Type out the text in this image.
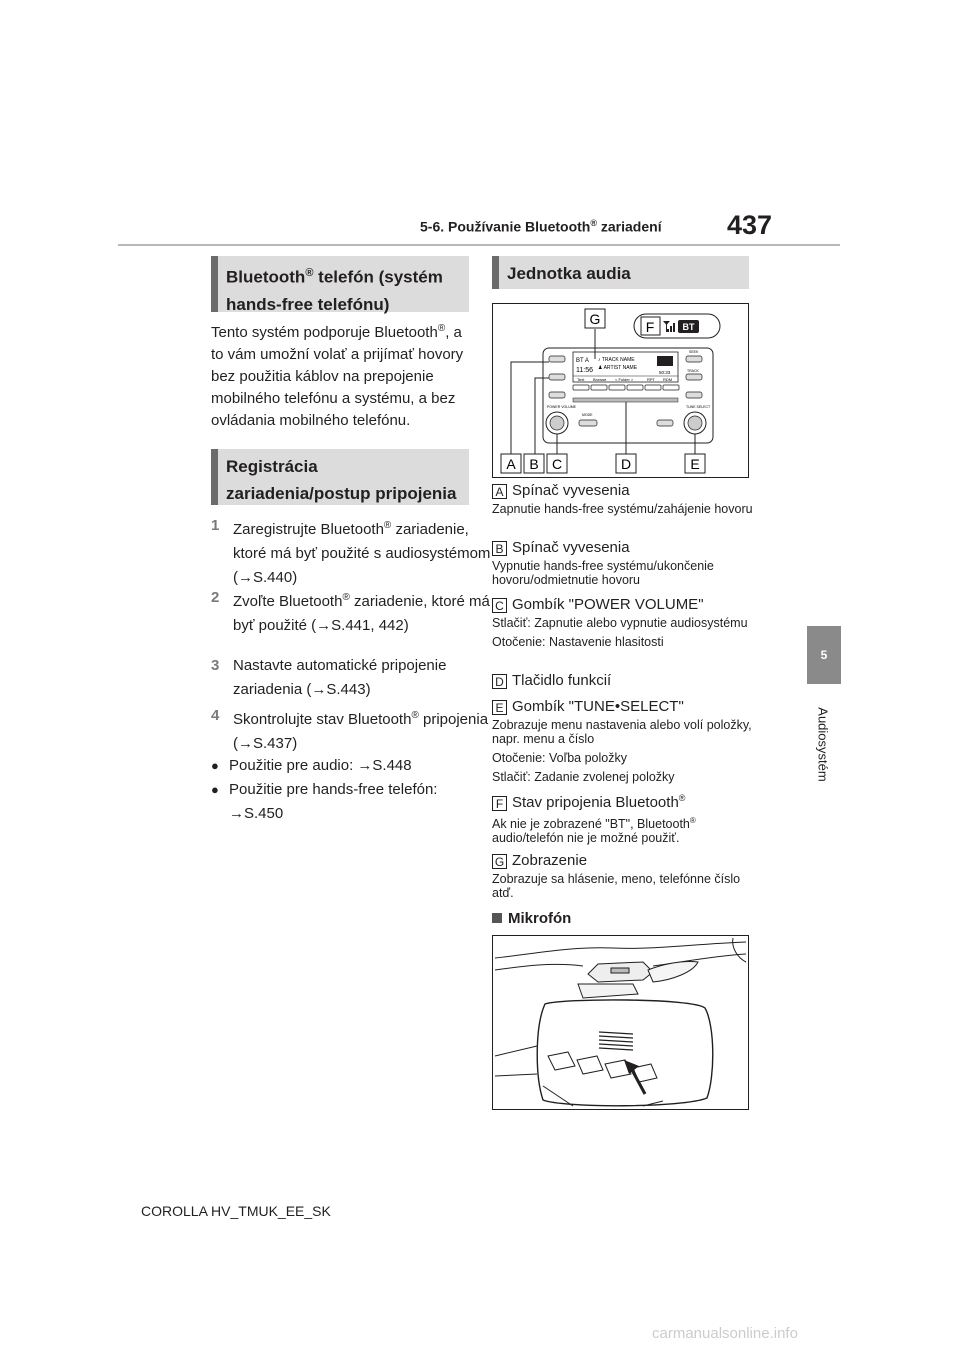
5-6. Používanie Bluetooth® zariadení 437
5
Audiosystém
Bluetooth® telefón (systém hands-free telefónu)
Tento systém podporuje Bluetooth®, a to vám umožní volať a prijímať hovory bez použitia káblov na prepojenie mobilného telefónu a systému, a bez ovládania mobilného telefónu.
Registrácia zariadenia/postup pripojenia
1 Zaregistrujte Bluetooth® zariadenie, ktoré má byť použité s audiosystémom (→S.440)
2 Zvoľte Bluetooth® zariadenie, ktoré má byť použité (→S.441, 442)
3 Nastavte automatické pripojenie zariadenia (→S.443)
4 Skontrolujte stav Bluetooth® pripojenia (→S.437)
● Použitie pre audio: →S.448
● Použitie pre hands-free telefón: →S.450
Jednotka audia
BT A
11:56
♪ TRACK NAME
♟ ARTIST NAME
50:33
Text Browse < Folder >	RPT RDM
SEEK
TRACK
POWER VOLUME	TUNE SELECT
MODE
A B C	D	E
F
G	BT
A Spínač vyvesenia
Zapnutie hands-free systému/zahájenie hovoru
B Spínač vyvesenia
Vypnutie hands-free systému/ukončenie hovoru/odmietnutie hovoru
C Gombík "POWER VOLUME"
Stlačiť: Zapnutie alebo vypnutie audiosystému
Otočenie: Nastavenie hlasitosti
D Tlačidlo funkcií
E Gombík "TUNE•SELECT"
Zobrazuje menu nastavenia alebo volí položky, napr. menu a číslo
Otočenie: Voľba položky
Stlačiť: Zadanie zvolenej položky
F Stav pripojenia Bluetooth®
Ak nie je zobrazené "BT", Bluetooth® audio/telefón nie je možné použiť.
G Zobrazenie
Zobrazuje sa hlásenie, meno, telefónne číslo atď.
Mikrofón
COROLLA HV_TMUK_EE_SK
carmanualsonline.info
